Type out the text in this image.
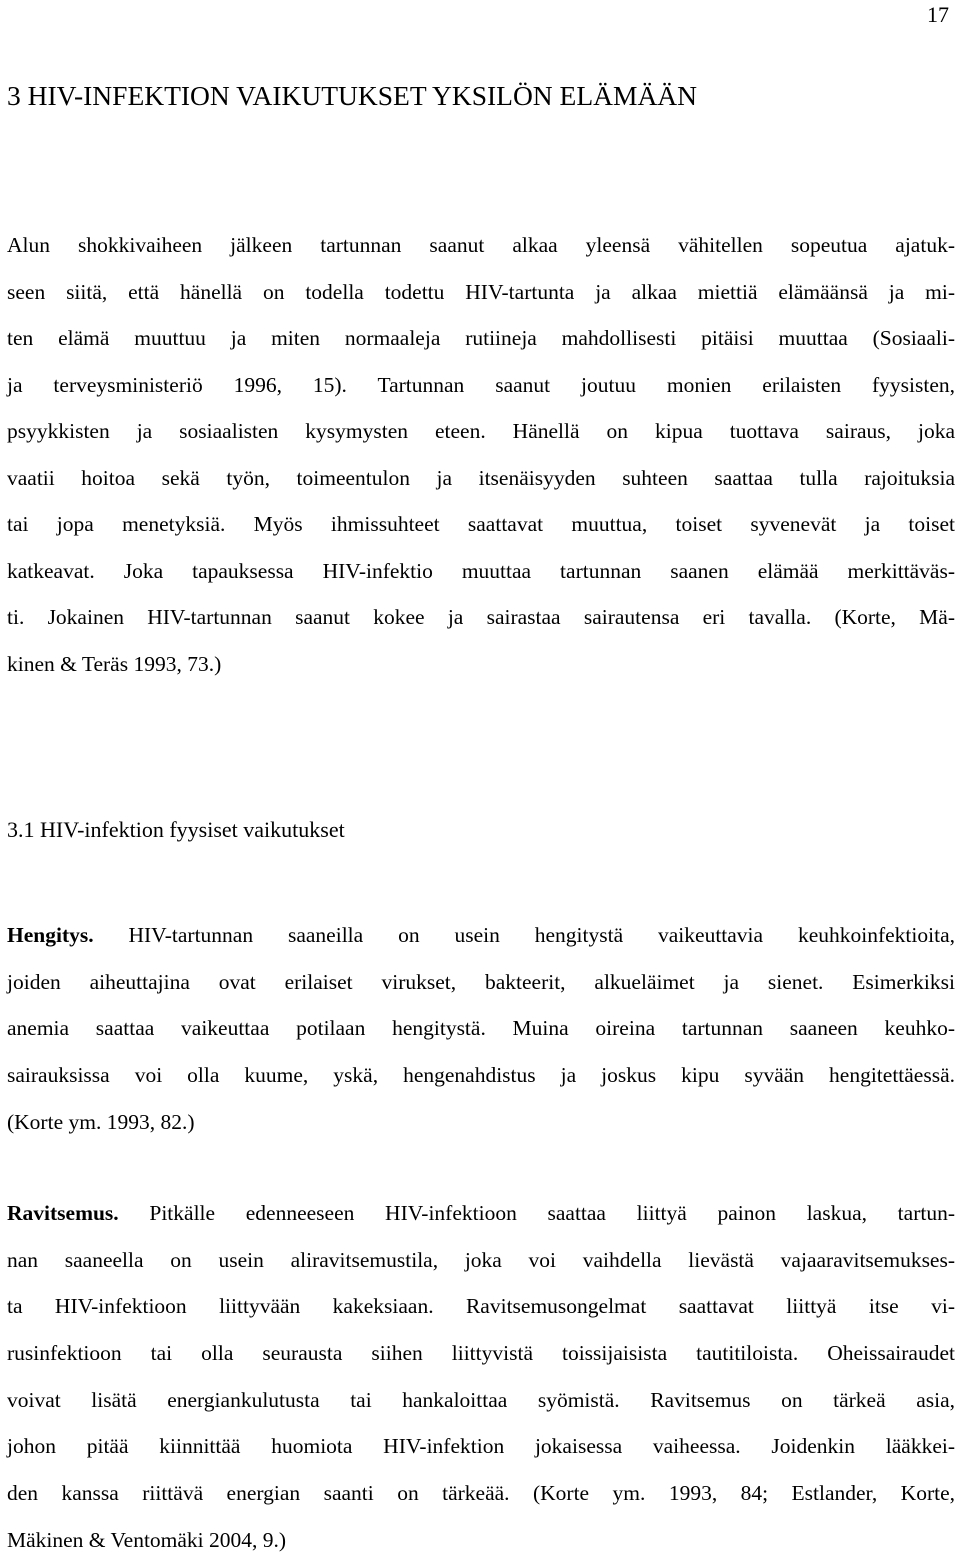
17
3 HIV-INFEKTION VAIKUTUKSET YKSILÖN ELÄMÄÄN
Alun shokkivaiheen jälkeen tartunnan saanut alkaa yleensä vähitellen sopeutua ajatuk-
seen siitä, että hänellä on todella todettu HIV-tartunta ja alkaa miettiä elämäänsä ja mi-
ten elämä muuttuu ja miten normaaleja rutiineja mahdollisesti pitäisi muuttaa (Sosiaali-
ja terveysministeriö 1996, 15). Tartunnan saanut joutuu monien erilaisten fyysisten,
psyykkisten ja sosiaalisten kysymysten eteen. Hänellä on kipua tuottava sairaus, joka
vaatii hoitoa sekä työn, toimeentulon ja itsenäisyyden suhteen saattaa tulla rajoituksia
tai jopa menetyksiä. Myös ihmissuhteet saattavat muuttua, toiset syvenevät ja toiset
katkeavat. Joka tapauksessa HIV-infektio muuttaa tartunnan saanen elämää merkittäväs-
ti. Jokainen HIV-tartunnan saanut kokee ja sairastaa sairautensa eri tavalla. (Korte, Mä-
kinen & Teräs 1993, 73.)
3.1 HIV-infektion fyysiset vaikutukset
Hengitys. HIV-tartunnan saaneilla on usein hengitystä vaikeuttavia keuhkoinfektioita,
joiden aiheuttajina ovat erilaiset virukset, bakteerit, alkueläimet ja sienet. Esimerkiksi
anemia saattaa vaikeuttaa potilaan hengitystä. Muina oireina tartunnan saaneen keuhko-
sairauksissa voi olla kuume, yskä, hengenahdistus ja joskus kipu syvään hengitettäessä.
(Korte ym. 1993, 82.)
Ravitsemus. Pitkälle edenneeseen HIV-infektioon saattaa liittyä painon laskua, tartun-
nan saaneella on usein aliravitsemustila, joka voi vaihdella lievästä vajaaravitsemukses-
ta HIV-infektioon liittyvään kakeksiaan. Ravitsemusongelmat saattavat liittyä itse vi-
rusinfektioon tai olla seurausta siihen liittyvistä toissijaisista tautitiloista. Oheissairaudet
voivat lisätä energiankulutusta tai hankaloittaa syömistä. Ravitsemus on tärkeä asia,
johon pitää kiinnittää huomiota HIV-infektion jokaisessa vaiheessa. Joidenkin lääkkei-
den kanssa riittävä energian saanti on tärkeää. (Korte ym. 1993, 84; Estlander, Korte,
Mäkinen & Ventomäki 2004, 9.)
